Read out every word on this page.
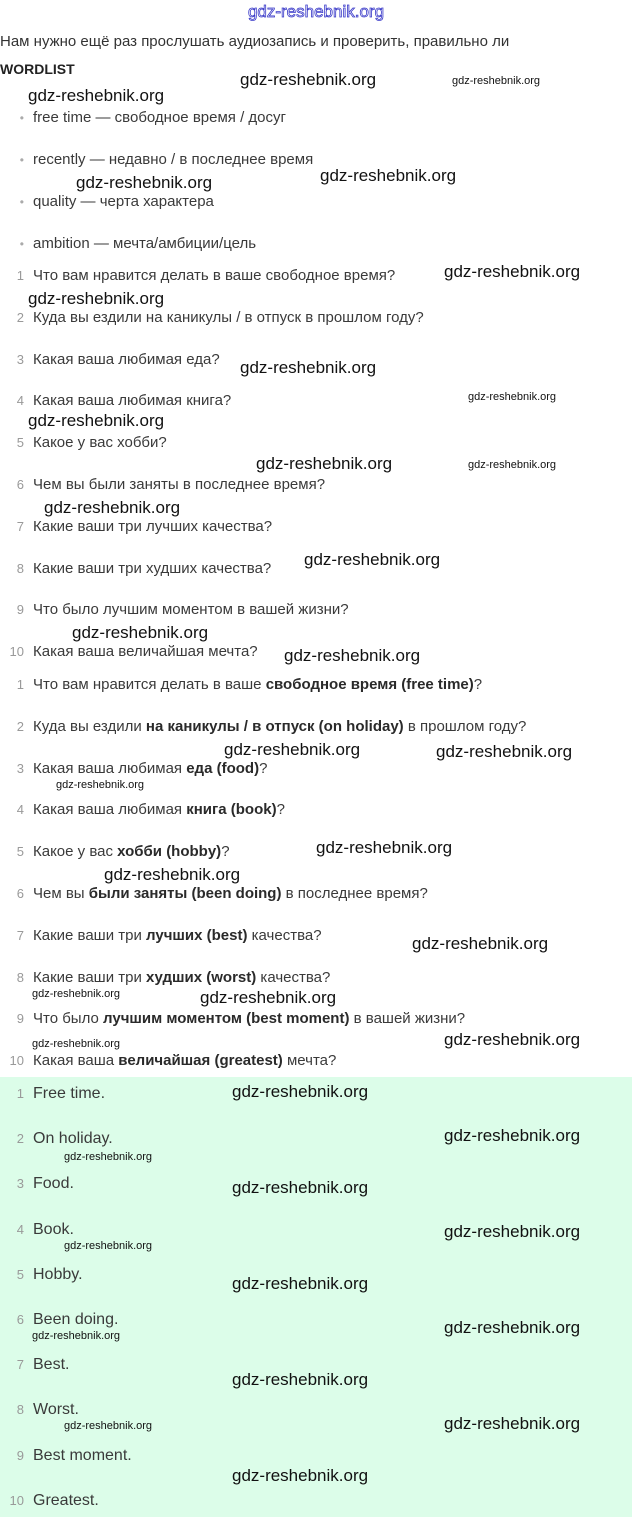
gdz-reshebnik.org
Нам нужно ещё раз прослушать аудиозапись и проверить, правильно ли
WORDLIST
• free time — свободное время / досуг
• recently — недавно / в последнее время
• quality — черта характера
• ambition — мечта/амбиции/цель
1 Что вам нравится делать в ваше свободное время?
2 Куда вы ездили на каникулы / в отпуск в прошлом году?
3 Какая ваша любимая еда?
4 Какая ваша любимая книга?
5 Какое у вас хобби?
6 Чем вы были заняты в последнее время?
7 Какие ваши три лучших качества?
8 Какие ваши три худших качества?
9 Что было лучшим моментом в вашей жизни?
10 Какая ваша величайшая мечта?
1 Что вам нравится делать в ваше свободное время (free time)?
2 Куда вы ездили на каникулы / в отпуск (on holiday) в прошлом году?
3 Какая ваша любимая еда (food)?
4 Какая ваша любимая книга (book)?
5 Какое у вас хобби (hobby)?
6 Чем вы были заняты (been doing) в последнее время?
7 Какие ваши три лучших (best) качества?
8 Какие ваши три худших (worst) качества?
9 Что было лучшим моментом (best moment) в вашей жизни?
10 Какая ваша величайшая (greatest) мечта?
1 Free time.
2 On holiday.
3 Food.
4 Book.
5 Hobby.
6 Been doing.
7 Best.
8 Worst.
9 Best moment.
10 Greatest.
gdz-reshebnik.org
gdz-reshebnik.org
gdz-reshebnik.org
gdz-reshebnik.org
gdz-reshebnik.org
gdz-reshebnik.org
gdz-reshebnik.org
gdz-reshebnik.org
gdz-reshebnik.org
gdz-reshebnik.org
gdz-reshebnik.org
gdz-reshebnik.org
gdz-reshebnik.org
gdz-reshebnik.org	gdz-reshebnik.org
gdz-reshebnik.org
gdz-reshebnik.org
gdz-reshebnik.org
gdz-reshebnik.org
gdz-reshebnik.org
gdz-reshebnik.org
gdz-reshebnik.org
gdz-reshebnik.org
gdz-reshebnik.org
gdz-reshebnik.org
gdz-reshebnik.org
gdz-reshebnik.org
gdz-reshebnik.org
gdz-reshebnik.org
gdz-reshebnik.org
gdz-reshebnik.org
gdz-reshebnik.org
gdz-reshebnik.org
gdz-reshebnik.org
gdz-reshebnik.org
gdz-reshebnik.org
gdz-reshebnik.org
gdz-reshebnik.org
gdz-reshebnik.org
